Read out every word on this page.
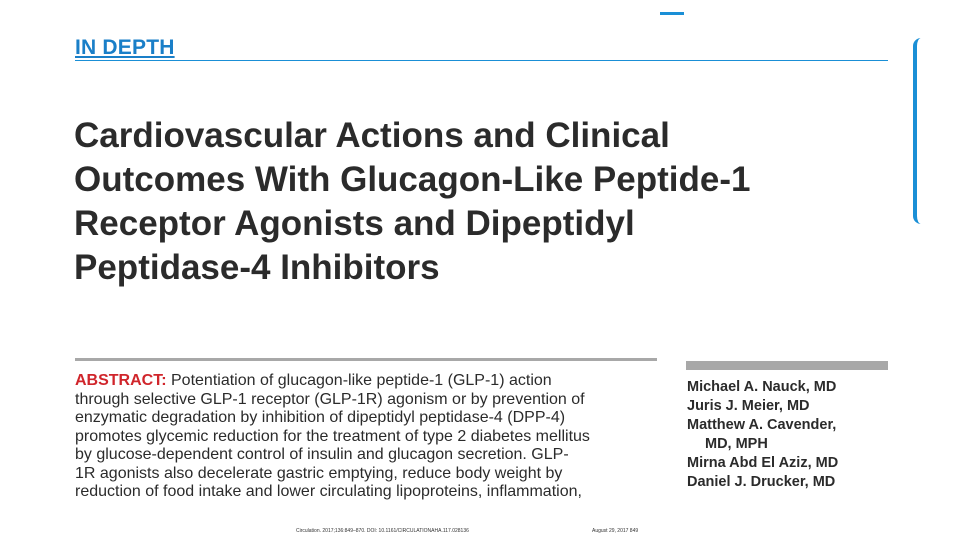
IN DEPTH
Cardiovascular Actions and Clinical
Outcomes With Glucagon-Like Peptide-1
Receptor Agonists and Dipeptidyl
Peptidase-4 Inhibitors

ABSTRACT: Potentiation of glucagon-like peptide-1 (GLP-1) action
through selective GLP-1 receptor (GLP-1R) agonism or by prevention of
enzymatic degradation by inhibition of dipeptidyl peptidase-4 (DPP-4)
promotes glycemic reduction for the treatment of type 2 diabetes mellitus
by glucose-dependent control of insulin and glucagon secretion. GLP-
1R agonists also decelerate gastric emptying, reduce body weight by
reduction of food intake and lower circulating lipoproteins, inflammation,

Michael A. Nauck, MD
Juris J. Meier, MD
Matthew A. Cavender,
MD, MPH
Mirna Abd El Aziz, MD
Daniel J. Drucker, MD
Circulation. 2017;136:849–870. DOI: 10.1161/CIRCULATIONAHA.117.028136	August 29, 2017 849
